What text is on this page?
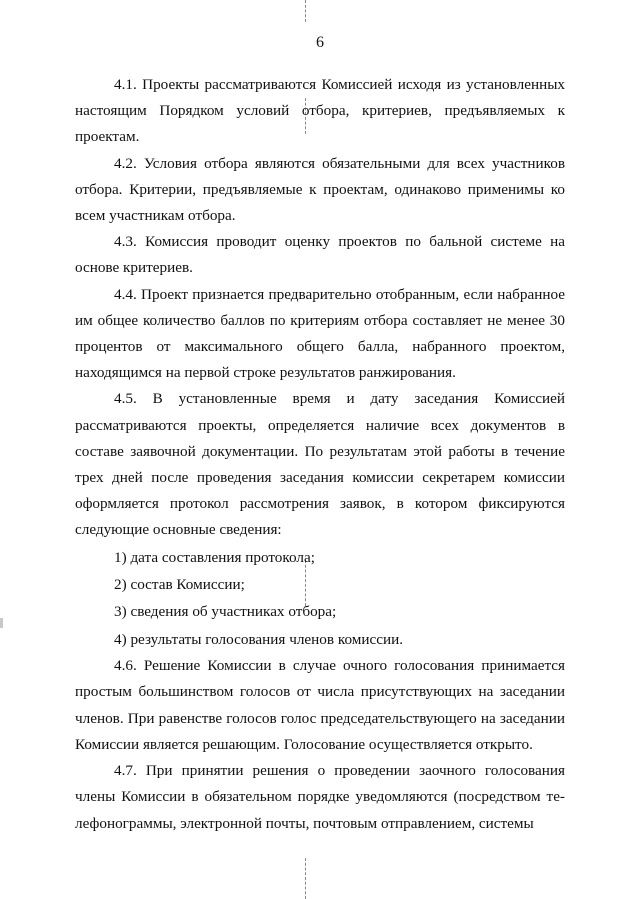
6

4.1. Проекты рассматриваются Комиссией исходя из установленных настоящим Порядком условий отбора, критериев, предъявляемых к проектам.

4.2. Условия отбора являются обязательными для всех участников отбора. Критерии, предъявляемые к проектам, одинаково применимы ко всем участникам отбора.

4.3. Комиссия проводит оценку проектов по бальной системе на основе критериев.

4.4. Проект признается предварительно отобранным, если набранное им общее количество баллов по критериям отбора составляет не менее 30 процентов от максимального общего балла, набранного проектом, находящимся на первой строке результатов ранжирования.

4.5. В установленные время и дату заседания Комиссией рассматриваются проекты, определяется наличие всех документов в составе заявочной документации. По результатам этой работы в течение трех дней после проведения заседания комиссии секретарем комиссии оформляется протокол рассмотрения заявок, в котором фиксируются следующие основные сведения:

1) дата составления протокола;

2) состав Комиссии;

3) сведения об участниках отбора;

4) результаты голосования членов комиссии.

4.6. Решение Комиссии в случае очного голосования принимается простым большинством голосов от числа присутствующих на заседании членов. При равенстве голосов голос председательствующего на заседании Комиссии является решающим. Голосование осуществляется открыто.

4.7. При принятии решения о проведении заочного голосования члены Комиссии в обязательном порядке уведомляются (посредством те-лефонограммы, электронной почты, почтовым отправлением, системы
